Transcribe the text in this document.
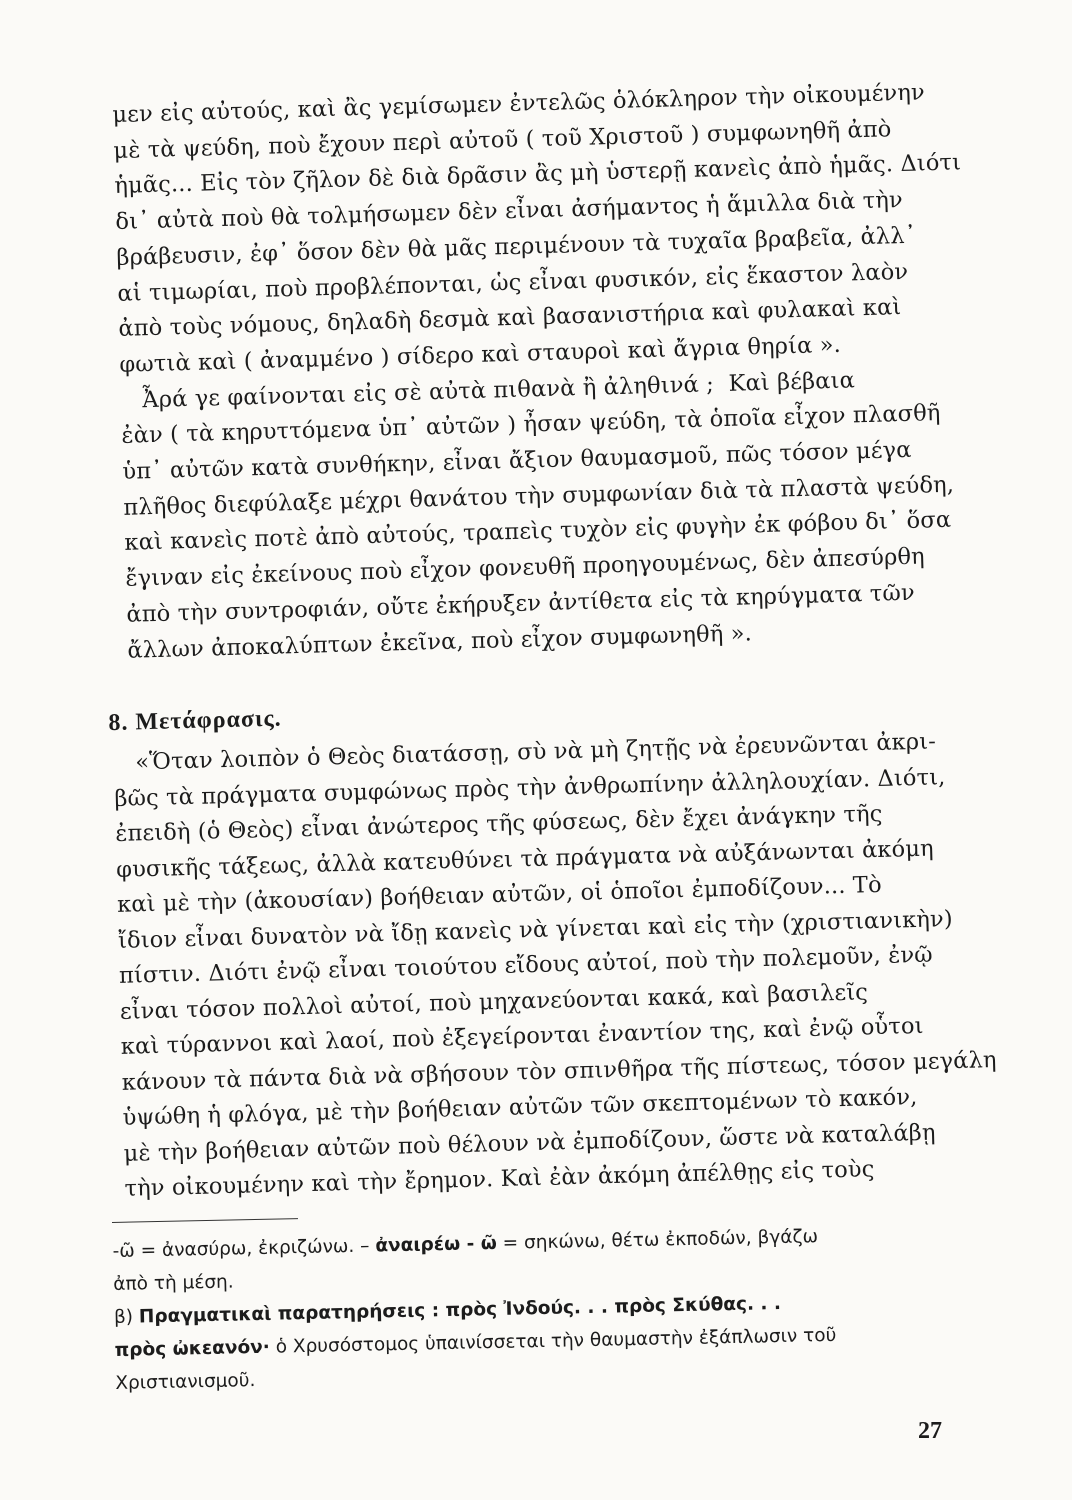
μεν εἰς αὐτούς, καὶ ἂς γεμίσωμεν ἐντελῶς ὁλόκληρον τὴν οἰκουμένην

μὲ τὰ ψεύδη, ποὺ ἔχουν περὶ αὐτοῦ ( τοῦ Χριστοῦ ) συμφωνηθῆ ἀπὸ

ἡμᾶς... Εἰς τὸν ζῆλον δὲ διὰ δρᾶσιν ἂς μὴ ὑστερῇ κανεὶς ἀπὸ ἡμᾶς. Διότι

δι᾽ αὐτὰ ποὺ θὰ τολμήσωμεν δὲν εἶναι ἀσήμαντος ἡ ἅμιλλα διὰ τὴν

βράβευσιν, ἐφ᾽ ὅσον δὲν θὰ μᾶς περιμένουν τὰ τυχαῖα βραβεῖα, ἀλλ᾽

αἱ τιμωρίαι, ποὺ προβλέπονται, ὡς εἶναι φυσικόν, εἰς ἕκαστον λαὸν

ἀπὸ τοὺς νόμους, δηλαδὴ δεσμὰ καὶ βασανιστήρια καὶ φυλακαὶ καὶ

φωτιὰ καὶ ( ἀναμμένο ) σίδερο καὶ σταυροὶ καὶ ἄγρια θηρία ».

Ἆρά γε φαίνονται εἰς σὲ αὐτὰ πιθανὰ ἢ ἀληθινά ;  Καὶ βέβαια

ἐὰν ( τὰ κηρυττόμενα ὑπ᾽ αὐτῶν ) ἦσαν ψεύδη, τὰ ὁποῖα εἶχον πλασθῆ

ὑπ᾽ αὐτῶν κατὰ συνθήκην, εἶναι ἄξιον θαυμασμοῦ, πῶς τόσον μέγα

πλῆθος διεφύλαξε μέχρι θανάτου τὴν συμφωνίαν διὰ τὰ πλαστὰ ψεύδη,

καὶ κανεὶς ποτὲ ἀπὸ αὐτούς, τραπεὶς τυχὸν εἰς φυγὴν ἐκ φόβου δι᾽ ὅσα

ἔγιναν εἰς ἐκείνους ποὺ εἶχον φονευθῆ προηγουμένως, δὲν ἀπεσύρθη

ἀπὸ τὴν συντροφιάν, οὔτε ἐκήρυξεν ἀντίθετα εἰς τὰ κηρύγματα τῶν

ἄλλων ἀποκαλύπτων ἐκεῖνα, ποὺ εἶχον συμφωνηθῆ ».

8. Μετάφρασις.

«Ὅταν λοιπὸν ὁ Θεὸς διατάσσῃ, σὺ νὰ μὴ ζητῇς νὰ ἐρευνῶνται ἀκρι-

βῶς τὰ πράγματα συμφώνως πρὸς τὴν ἀνθρωπίνην ἀλληλουχίαν. Διότι,

ἐπειδὴ (ὁ Θεὸς) εἶναι ἀνώτερος τῆς φύσεως, δὲν ἔχει ἀνάγκην τῆς

φυσικῆς τάξεως, ἀλλὰ κατευθύνει τὰ πράγματα νὰ αὐξάνωνται ἀκόμη

καὶ μὲ τὴν (ἀκουσίαν) βοήθειαν αὐτῶν, οἱ ὁποῖοι ἐμποδίζουν... Τὸ

ἴδιον εἶναι δυνατὸν νὰ ἴδῃ κανεὶς νὰ γίνεται καὶ εἰς τὴν (χριστιανικὴν)

πίστιν. Διότι ἐνῷ εἶναι τοιούτου εἴδους αὐτοί, ποὺ τὴν πολεμοῦν, ἐνῷ

εἶναι τόσον πολλοὶ αὐτοί, ποὺ μηχανεύονται κακά, καὶ βασιλεῖς

καὶ τύραννοι καὶ λαοί, ποὺ ἐξεγείρονται ἐναντίον της, καὶ ἐνῷ οὗτοι

κάνουν τὰ πάντα διὰ νὰ σβήσουν τὸν σπινθῆρα τῆς πίστεως, τόσον μεγάλη

ὑψώθη ἡ φλόγα, μὲ τὴν βοήθειαν αὐτῶν τῶν σκεπτομένων τὸ κακόν,

μὲ τὴν βοήθειαν αὐτῶν ποὺ θέλουν νὰ ἐμποδίζουν, ὥστε νὰ καταλάβῃ

τὴν οἰκουμένην καὶ τὴν ἔρημον. Καὶ ἐὰν ἀκόμη ἀπέλθῃς εἰς τοὺς

-ῶ = ἀνασύρω, ἐκριζώνω. – ἀναιρέω - ῶ = σηκώνω, θέτω ἐκποδών, βγάζω

ἀπὸ τὴ μέση.

β) Πραγματικαὶ παρατηρήσεις : πρὸς Ἰνδούς. . . πρὸς Σκύθας. . .

πρὸς ὠκεανόν· ὁ Χρυσόστομος ὑπαινίσσεται τὴν θαυμαστὴν ἐξάπλωσιν τοῦ

Χριστιανισμοῦ.

27
